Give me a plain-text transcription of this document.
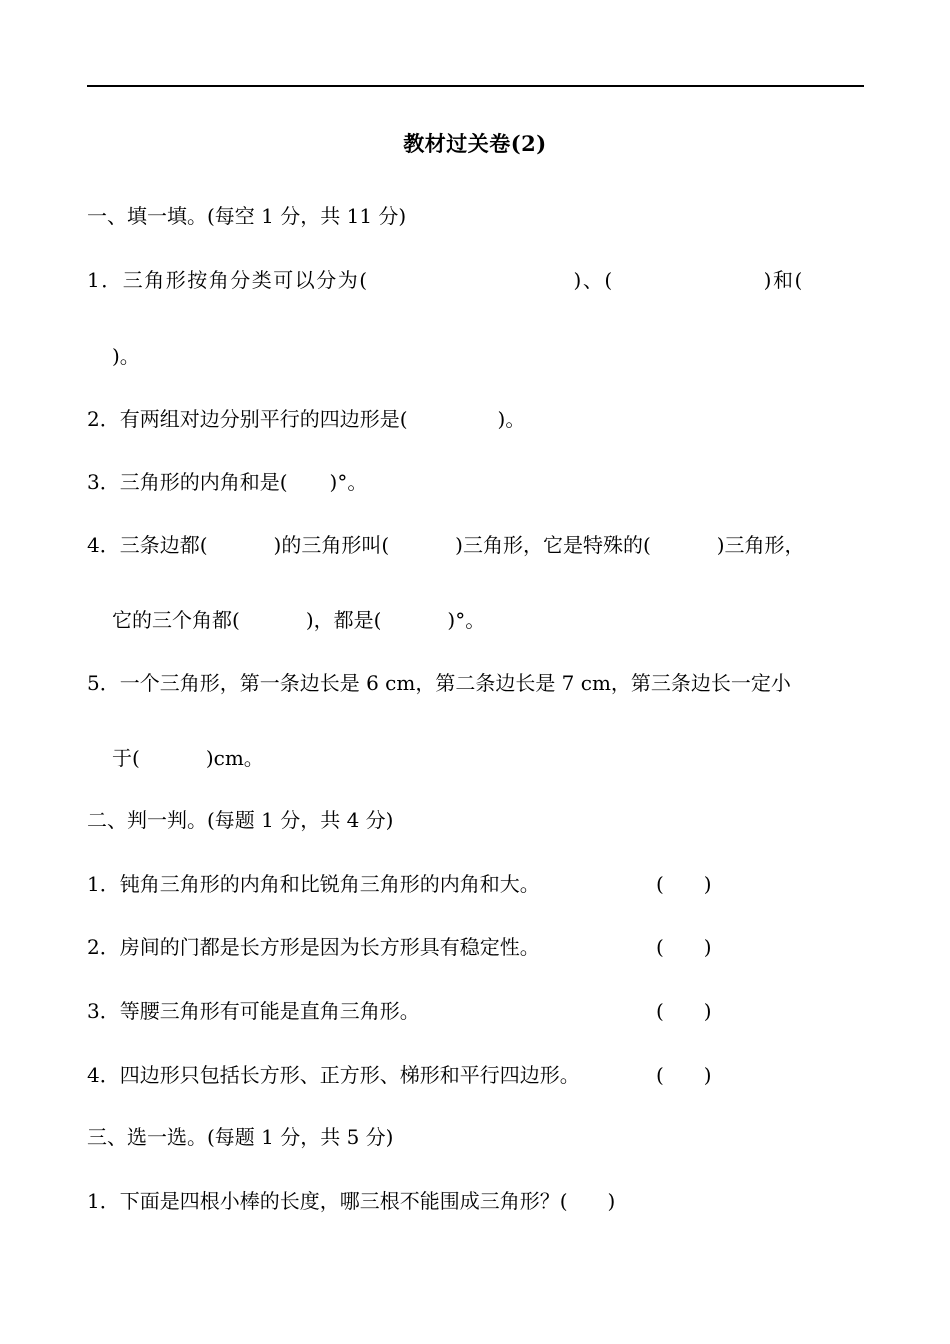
教材过关卷(2)
一、填一填。(每空 1 分，共 11 分)
1．三角形按角分类可以分为(	)、(	)和(
)。
2．有两组对边分别平行的四边形是(	)。
3．三角形的内角和是( )°。
4．三条边都(	)的三角形叫(	)三角形，它是特殊的(	)三角形，
它的三个角都(	)，都是(	)°。
5．一个三角形，第一条边长是 6 cm，第二条边长是 7 cm，第三条边长一定小
于(	)cm。
二、判一判。(每题 1 分，共 4 分)
1．钝角三角形的内角和比锐角三角形的内角和大。	(　　)
2．房间的门都是长方形是因为长方形具有稳定性。	(　　)
3．等腰三角形有可能是直角三角形。	(　　)
4．四边形只包括长方形、正方形、梯形和平行四边形。	(　　)
三、选一选。(每题 1 分，共 5 分)
1．下面是四根小棒的长度，哪三根不能围成三角形？( )
